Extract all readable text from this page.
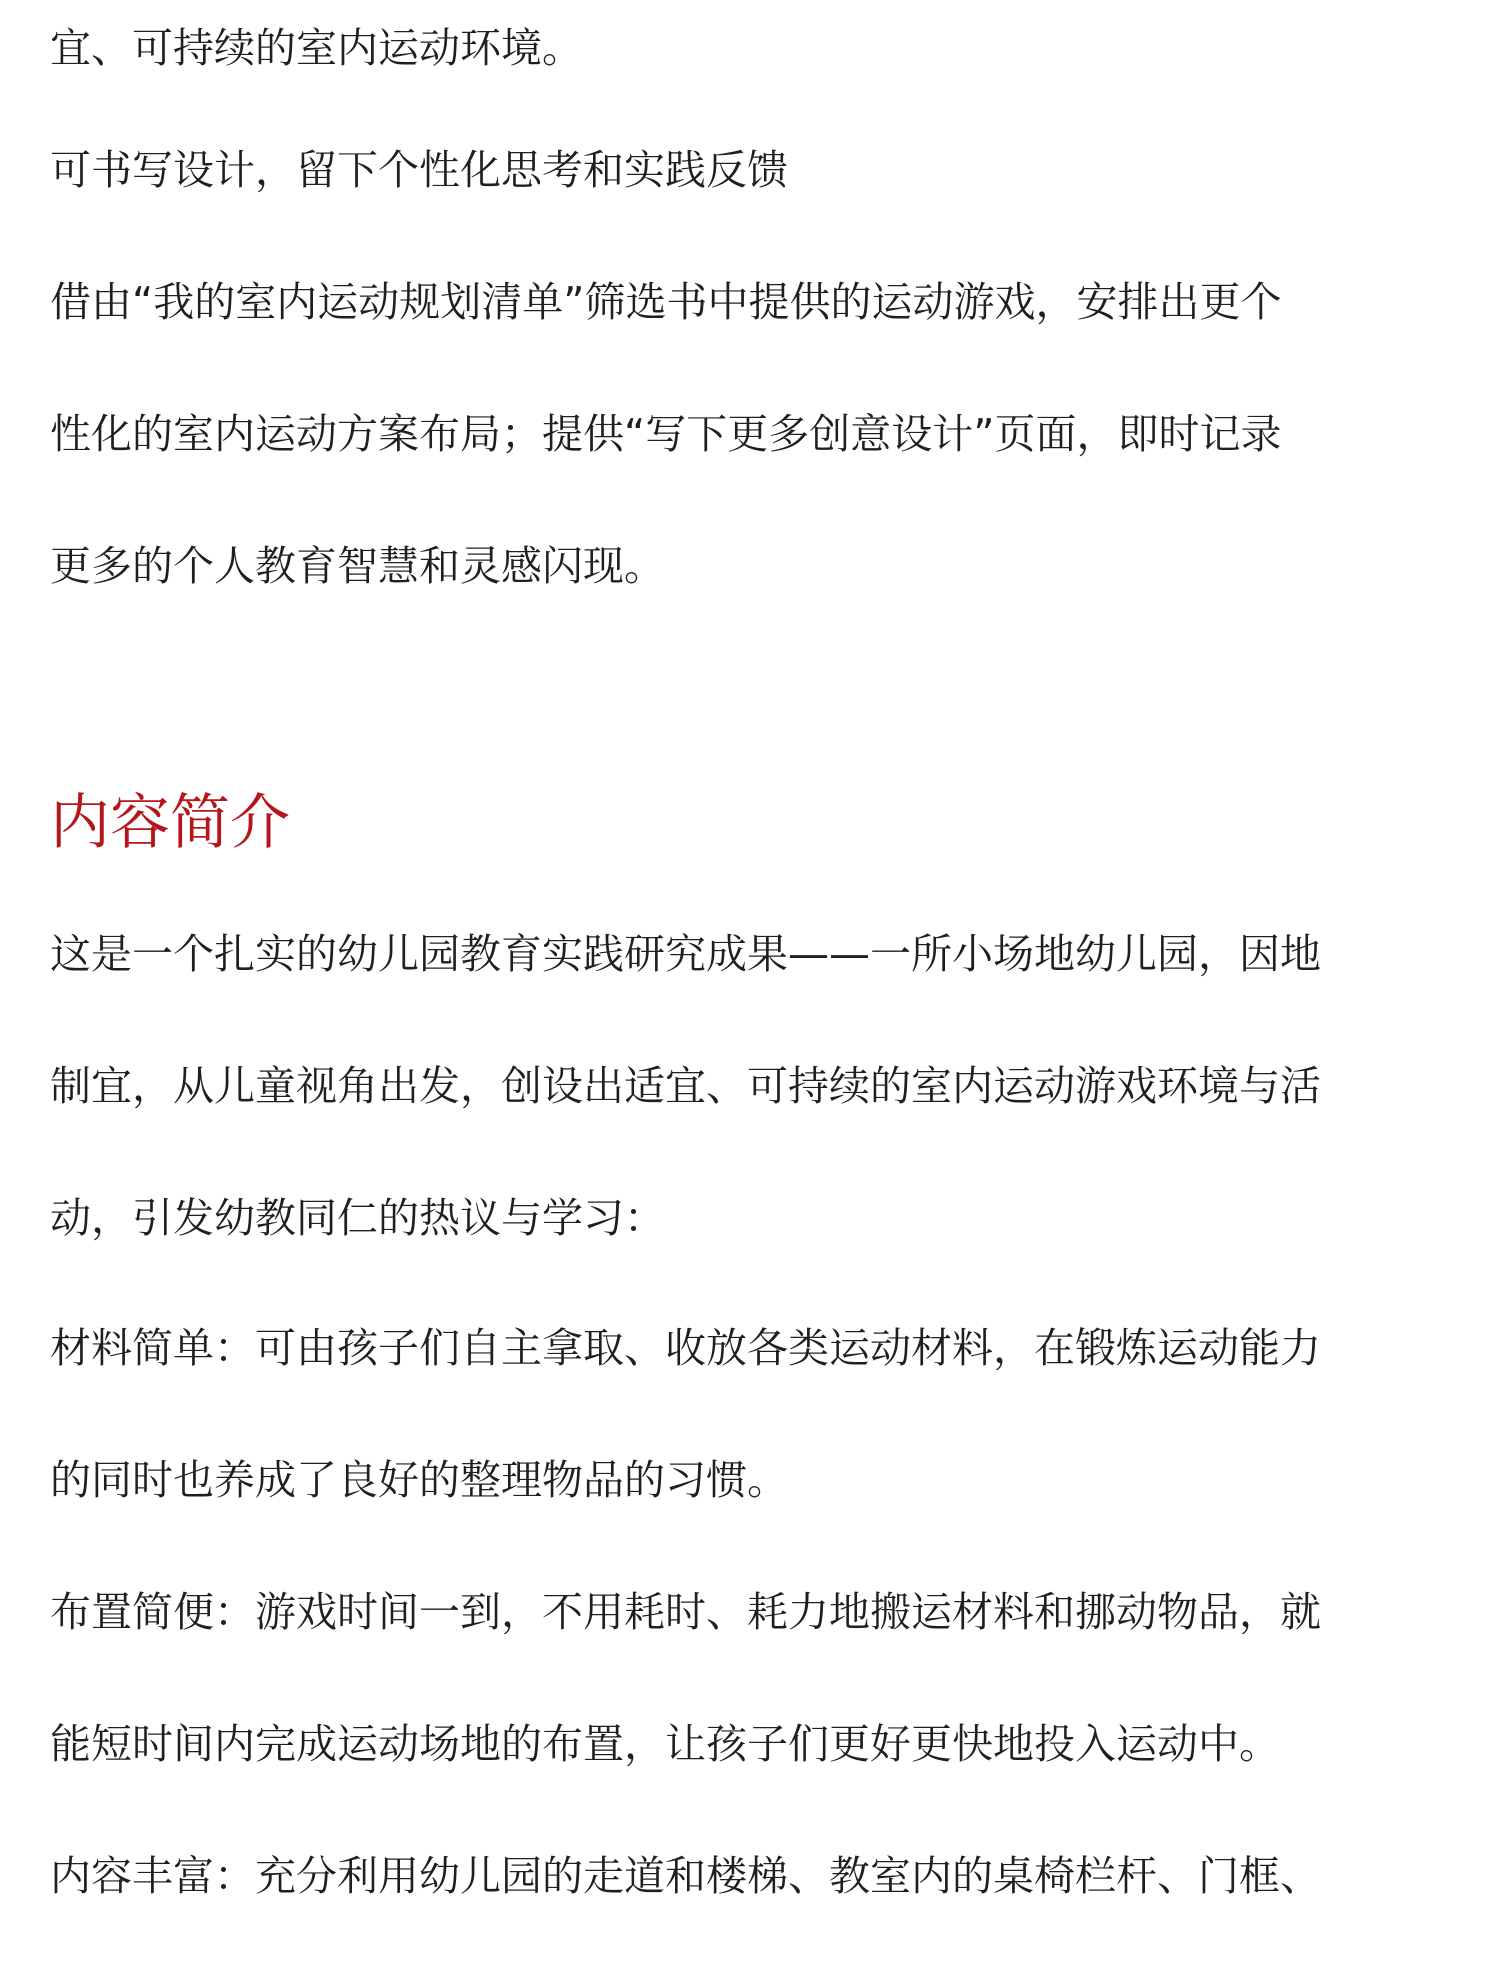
宜、可持续的室内运动环境。
可书写设计，留下个性化思考和实践反馈
借由“我的室内运动规划清单”筛选书中提供的运动游戏，安排出更个
性化的室内运动方案布局；提供“写下更多创意设计”页面，即时记录
更多的个人教育智慧和灵感闪现。
内容简介
这是一个扎实的幼儿园教育实践研究成果——一所小场地幼儿园，因地
制宜，从儿童视角出发，创设出适宜、可持续的室内运动游戏环境与活
动，引发幼教同仁的热议与学习：
材料简单：可由孩子们自主拿取、收放各类运动材料，在锻炼运动能力
的同时也养成了良好的整理物品的习惯。
布置简便：游戏时间一到，不用耗时、耗力地搬运材料和挪动物品，就
能短时间内完成运动场地的布置，让孩子们更好更快地投入运动中。
内容丰富：充分利用幼儿园的走道和楼梯、教室内的桌椅栏杆、门框、
